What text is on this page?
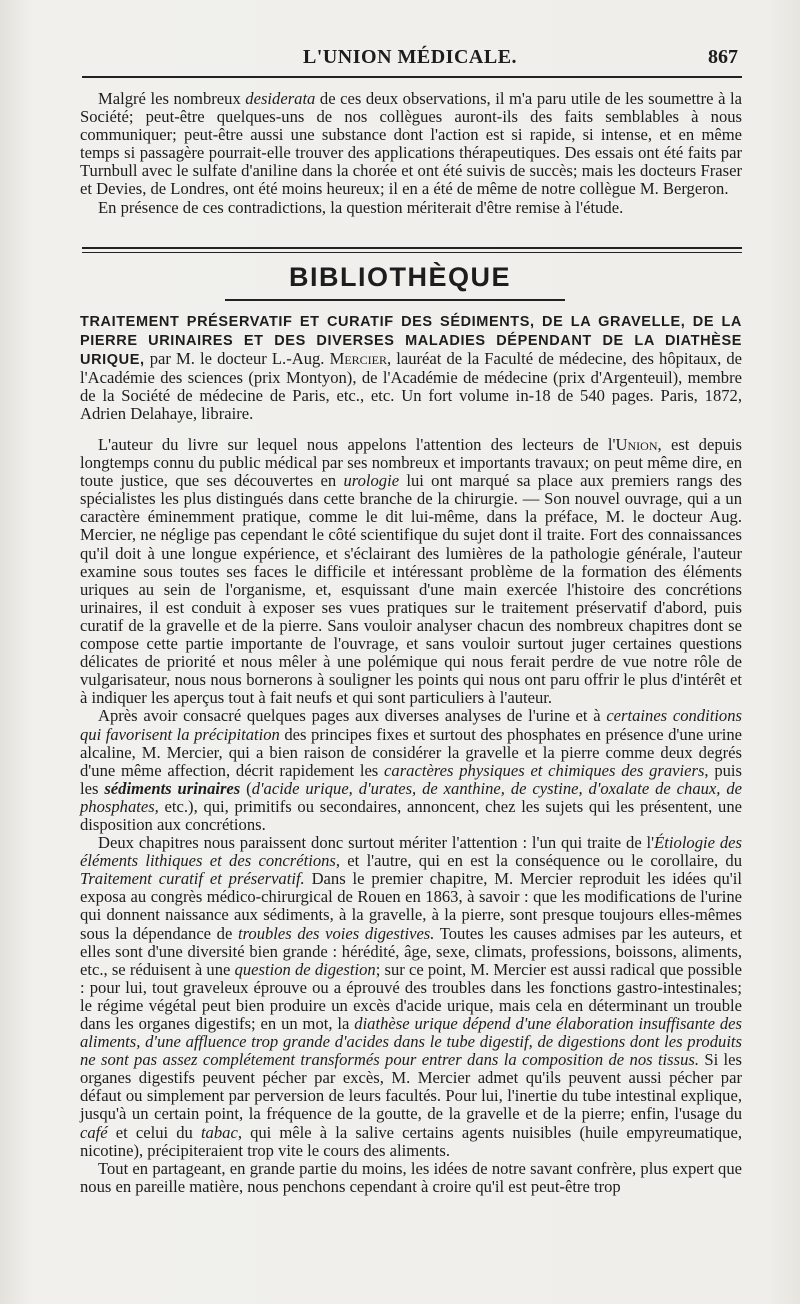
L'UNION MÉDICALE.	867

Malgré les nombreux desiderata de ces deux observations, il m'a paru utile de les soumettre à la Société; peut-être quelques-uns de nos collègues auront-ils des faits semblables à nous communiquer; peut-être aussi une substance dont l'action est si rapide, si intense, et en même temps si passagère pourrait-elle trouver des applications thérapeutiques. Des essais ont été faits par Turnbull avec le sulfate d'aniline dans la chorée et ont été suivis de succès; mais les docteurs Fraser et Devies, de Londres, ont été moins heureux; il en a été de même de notre collègue M. Bergeron.

En présence de ces contradictions, la question mériterait d'être remise à l'étude.

BIBLIOTHÈQUE

TRAITEMENT PRÉSERVATIF ET CURATIF DES SÉDIMENTS, DE LA GRAVELLE, DE LA PIERRE URINAIRES ET DES DIVERSES MALADIES DÉPENDANT DE LA DIATHÈSE URIQUE, par M. le docteur L.-Aug. Mercier, lauréat de la Faculté de médecine, des hôpitaux, de l'Académie des sciences (prix Montyon), de l'Académie de médecine (prix d'Argenteuil), membre de la Société de médecine de Paris, etc., etc. Un fort volume in-18 de 540 pages. Paris, 1872, Adrien Delahaye, libraire.

L'auteur du livre sur lequel nous appelons l'attention des lecteurs de l'Union, est depuis longtemps connu du public médical par ses nombreux et importants travaux; on peut même dire, en toute justice, que ses découvertes en urologie lui ont marqué sa place aux premiers rangs des spécialistes les plus distingués dans cette branche de la chirurgie. — Son nouvel ouvrage, qui a un caractère éminemment pratique, comme le dit lui-même, dans la préface, M. le docteur Aug. Mercier, ne néglige pas cependant le côté scientifique du sujet dont il traite. Fort des connaissances qu'il doit à une longue expérience, et s'éclairant des lumières de la pathologie générale, l'auteur examine sous toutes ses faces le difficile et intéressant problème de la formation des éléments uriques au sein de l'organisme, et, esquissant d'une main exercée l'histoire des concrétions urinaires, il est conduit à exposer ses vues pratiques sur le traitement préservatif d'abord, puis curatif de la gravelle et de la pierre. Sans vouloir analyser chacun des nombreux chapitres dont se compose cette partie importante de l'ouvrage, et sans vouloir surtout juger certaines questions délicates de priorité et nous mêler à une polémique qui nous ferait perdre de vue notre rôle de vulgarisateur, nous nous bornerons à souligner les points qui nous ont paru offrir le plus d'intérêt et à indiquer les aperçus tout à fait neufs et qui sont particuliers à l'auteur.

Après avoir consacré quelques pages aux diverses analyses de l'urine et à certaines conditions qui favorisent la précipitation des principes fixes et surtout des phosphates en présence d'une urine alcaline, M. Mercier, qui a bien raison de considérer la gravelle et la pierre comme deux degrés d'une même affection, décrit rapidement les caractères physiques et chimiques des graviers, puis les sédiments urinaires (d'acide urique, d'urates, de xanthine, de cystine, d'oxalate de chaux, de phosphates, etc.), qui, primitifs ou secondaires, annoncent, chez les sujets qui les présentent, une disposition aux concrétions.

Deux chapitres nous paraissent donc surtout mériter l'attention : l'un qui traite de l'Étiologie des éléments lithiques et des concrétions, et l'autre, qui en est la conséquence ou le corollaire, du Traitement curatif et préservatif. Dans le premier chapitre, M. Mercier reproduit les idées qu'il exposa au congrès médico-chirurgical de Rouen en 1863, à savoir : que les modifications de l'urine qui donnent naissance aux sédiments, à la gravelle, à la pierre, sont presque toujours elles-mêmes sous la dépendance de troubles des voies digestives. Toutes les causes admises par les auteurs, et elles sont d'une diversité bien grande : hérédité, âge, sexe, climats, professions, boissons, aliments, etc., se réduisent à une question de digestion; sur ce point, M. Mercier est aussi radical que possible : pour lui, tout graveleux éprouve ou a éprouvé des troubles dans les fonctions gastro-intestinales; le régime végétal peut bien produire un excès d'acide urique, mais cela en déterminant un trouble dans les organes digestifs; en un mot, la diathèse urique dépend d'une élaboration insuffisante des aliments, d'une affluence trop grande d'acides dans le tube digestif, de digestions dont les produits ne sont pas assez complétement transformés pour entrer dans la composition de nos tissus. Si les organes digestifs peuvent pécher par excès, M. Mercier admet qu'ils peuvent aussi pécher par défaut ou simplement par perversion de leurs facultés. Pour lui, l'inertie du tube intestinal explique, jusqu'à un certain point, la fréquence de la goutte, de la gravelle et de la pierre; enfin, l'usage du café et celui du tabac, qui mêle à la salive certains agents nuisibles (huile empyreumatique, nicotine), précipiteraient trop vite le cours des aliments.

Tout en partageant, en grande partie du moins, les idées de notre savant confrère, plus expert que nous en pareille matière, nous penchons cependant à croire qu'il est peut-être trop
